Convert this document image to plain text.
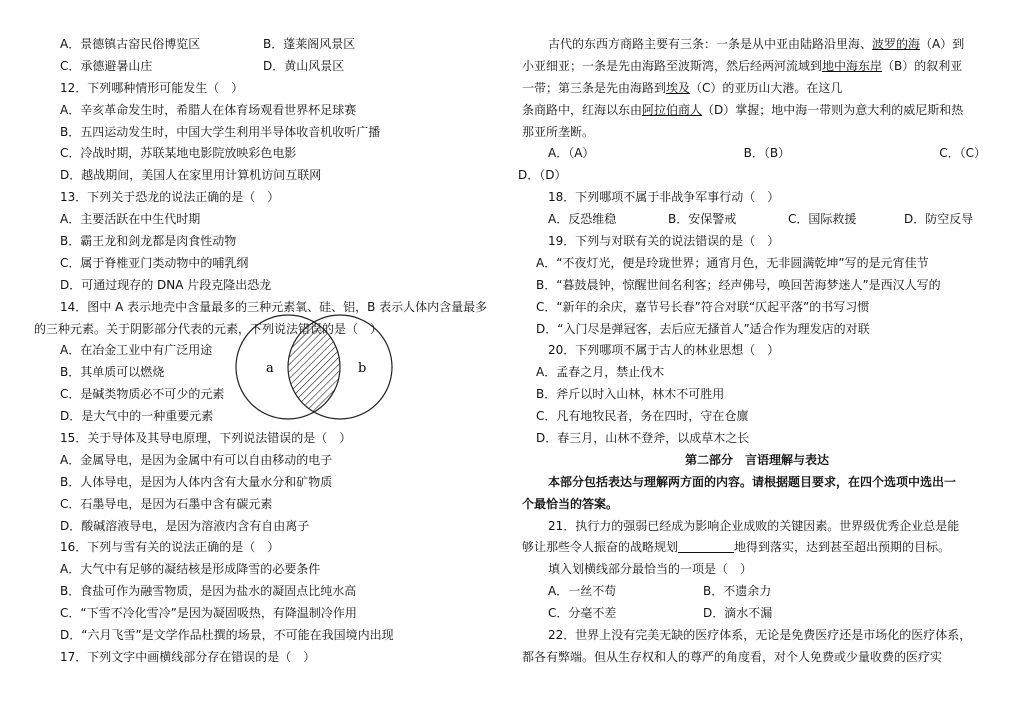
A．景德镇古窑民俗博览区	B．蓬莱阁风景区
C．承德避暑山庄	D．黄山风景区
12．下列哪种情形可能发生（　）
A．辛亥革命发生时，希腊人在体育场观看世界杯足球赛
B．五四运动发生时，中国大学生利用半导体收音机收听广播
C．冷战时期，苏联某地电影院放映彩色电影
D．越战期间，美国人在家里用计算机访问互联网
13．下列关于恐龙的说法正确的是（　）
A．主要活跃在中生代时期
B．霸王龙和剑龙都是肉食性动物
C．属于脊椎亚门类动物中的哺乳纲
D．可通过现存的 DNA 片段克隆出恐龙
14．图中 A 表示地壳中含量最多的三种元素氧、硅、铝，B 表示人体内含量最多
的三种元素。关于阴影部分代表的元素，下列说法错误的是（　）
A．在冶金工业中有广泛用途
B．其单质可以燃烧
C．是碱类物质必不可少的元素
D．是大气中的一种重要元素
15．关于导体及其导电原理，下列说法错误的是（　）
A．金属导电，是因为金属中有可以自由移动的电子
B．人体导电，是因为人体内含有大量水分和矿物质
C．石墨导电，是因为石墨中含有碳元素
D．酸碱溶液导电，是因为溶液内含有自由离子
16．下列与雪有关的说法正确的是（　）
A．大气中有足够的凝结核是形成降雪的必要条件
B．食盐可作为融雪物质，是因为盐水的凝固点比纯水高
C．“下雪不冷化雪冷”是因为凝固吸热，有降温制冷作用
D．“六月飞雪”是文学作品杜撰的场景，不可能在我国境内出现
17．下列文字中画横线部分存在错误的是（　）
a	b
古代的东西方商路主要有三条：一条是从中亚由陆路沿里海、波罗的海（A）到
小亚细亚；一条是先由海路至波斯湾，然后经两河流域到地中海东岸（B）的叙利亚
一带；第三条是先由海路到埃及（C）的亚历山大港。在这几
条商路中，红海以东由阿拉伯商人（D）掌握；地中海一带则为意大利的威尼斯和热
那亚所垄断。
A．（A）	B．（B）	C．（C）
D．（D）
18．下列哪项不属于非战争军事行动（　）
A．反恐维稳	B．安保警戒	C．国际救援	D．防空反导
19．下列与对联有关的说法错误的是（　）
A．“不夜灯光，便是玲珑世界；通宵月色，无非圆满乾坤”写的是元宵佳节
B．“暮鼓晨钟，惊醒世间名利客；经声佛号，唤回苦海梦迷人”是西汉人写的
C．“新年的余庆，嘉节号长春”符合对联“仄起平落”的书写习惯
D．“入门尽是弹冠客，去后应无搔首人”适合作为理发店的对联
20．下列哪项不属于古人的林业思想（　）
A．孟春之月，禁止伐木
B．斧斤以时入山林，林木不可胜用
C．凡有地牧民者，务在四时，守在仓廪
D．春三月，山林不登斧，以成草木之长
第二部分　言语理解与表达
本部分包括表达与理解两方面的内容。请根据题目要求，在四个选项中选出一
个最恰当的答案。
21．执行力的强弱已经成为影响企业成败的关键因素。世界级优秀企业总是能
够让那些令人振奋的战略规划	地得到落实，达到甚至超出预期的目标。
填入划横线部分最恰当的一项是（　）
A．一丝不苟	B．不遗余力
C．分毫不差	D．滴水不漏
22．世界上没有完美无缺的医疗体系，无论是免费医疗还是市场化的医疗体系，
都各有弊端。但从生存权和人的尊严的角度看，对个人免费或少量收费的医疗实
